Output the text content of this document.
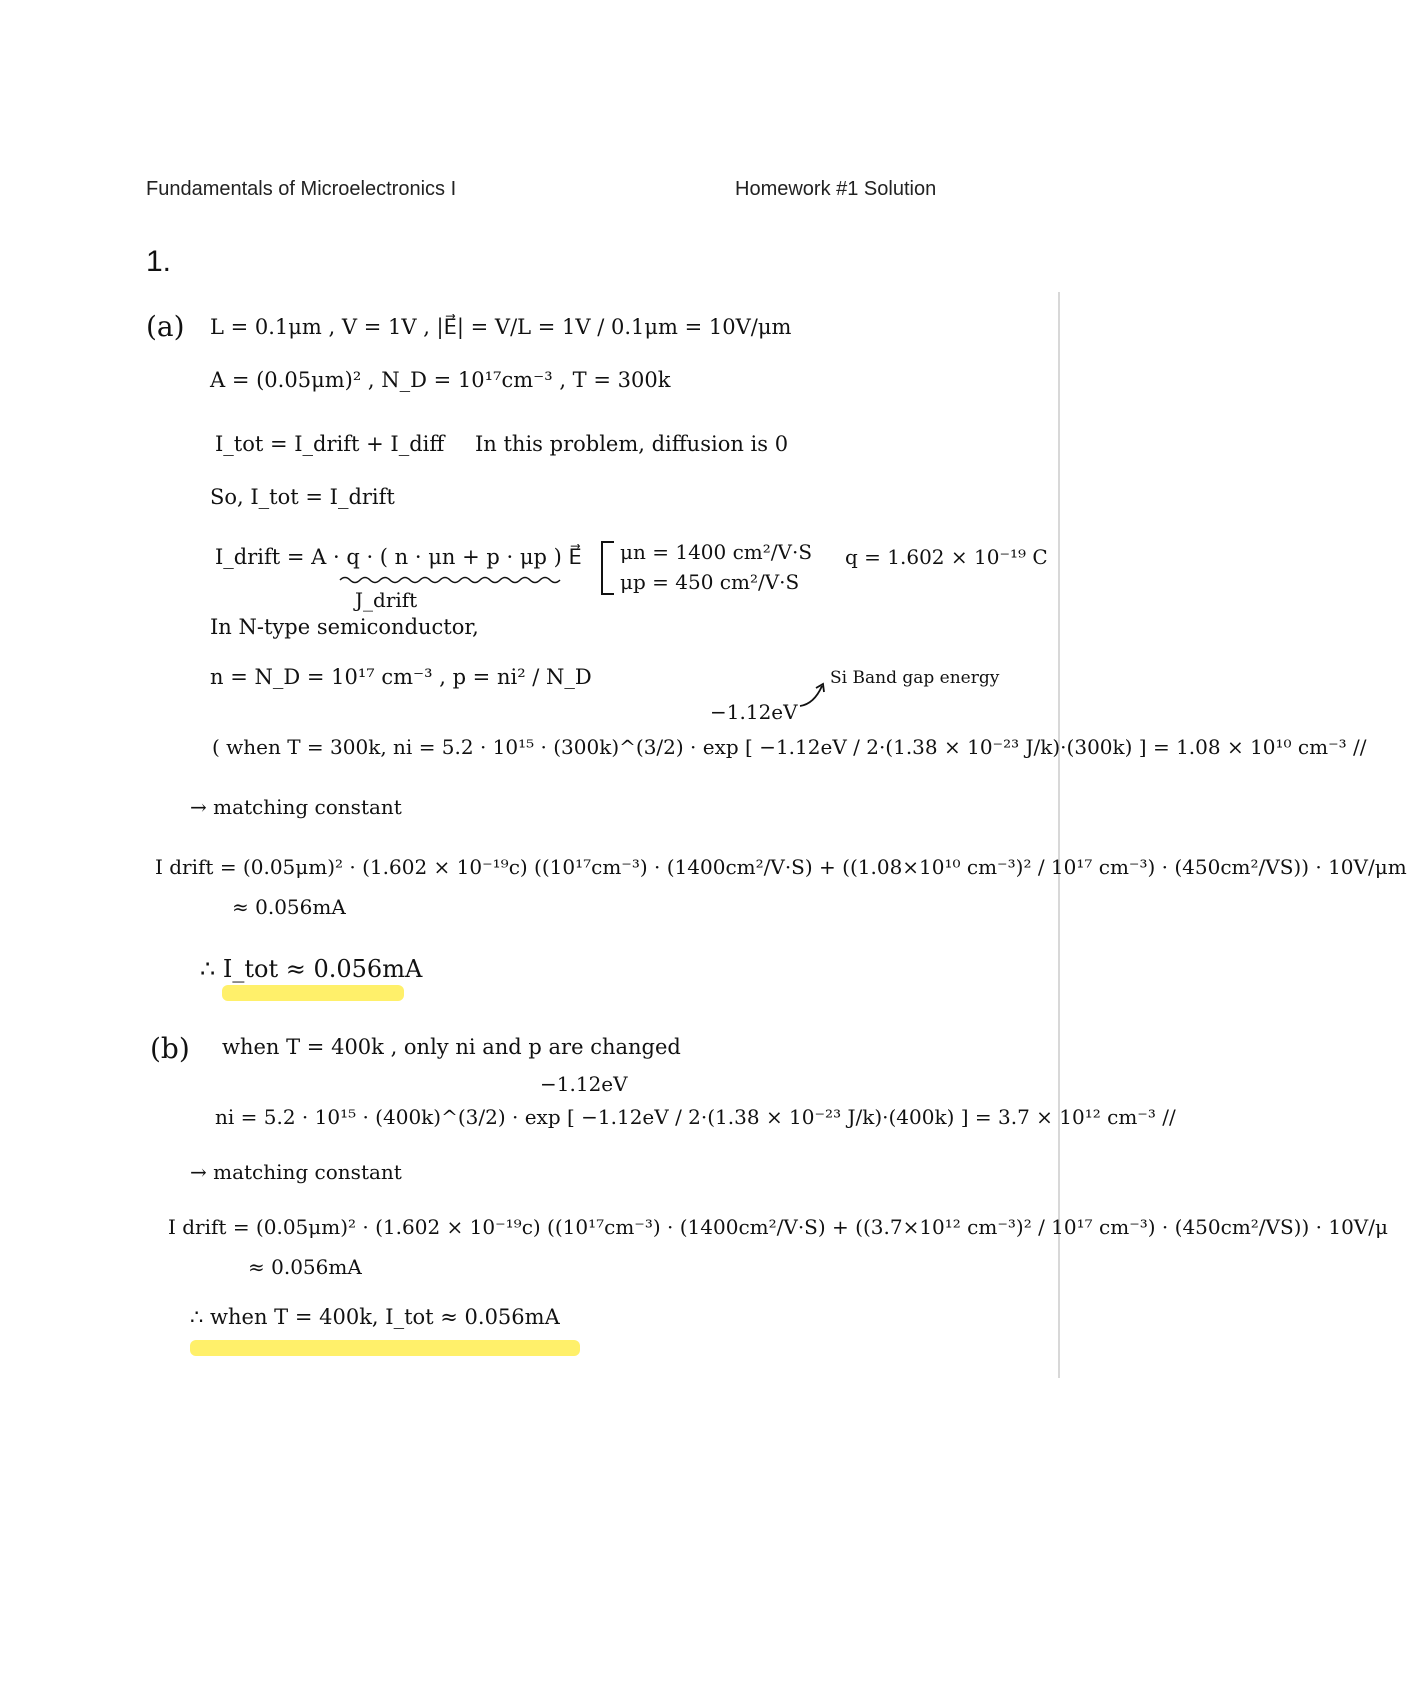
Fundamentals of Microelectronics I	Homework #1 Solution
1.
(a) L = 0.1μm , V = 1V , |E⃗| = V/L = 1V / 0.1μm = 10V/μm
A = (0.05μm)² , N_D = 10¹⁷cm⁻³ , T = 300k
I_tot = I_drift + I_diff In this problem, diffusion is 0
So, I_tot = I_drift
I_drift = A · q · ( n · μn + p · μp ) E⃗
J_drift
μn = 1400 cm²/V·S
μp = 450 cm²/V·S
q = 1.602 × 10⁻¹⁹ C
In N-type semiconductor,
n = N_D = 10¹⁷ cm⁻³ , p = ni² / N_D	Si Band gap energy
−1.12eV
( when T = 300k, ni = 5.2 · 10¹⁵ · (300k)^(3/2) · exp [ −1.12eV / 2·(1.38 × 10⁻²³ J/k)·(300k) ] = 1.08 × 10¹⁰ cm⁻³ //
→ matching constant
I drift = (0.05μm)² · (1.602 × 10⁻¹⁹c) ((10¹⁷cm⁻³) · (1400cm²/V·S) + ((1.08×10¹⁰ cm⁻³)² / 10¹⁷ cm⁻³) · (450cm²/VS)) · 10V/μm
≈ 0.056mA
∴ I_tot ≈ 0.056mA
(b) when T = 400k , only ni and p are changed
−1.12eV
ni = 5.2 · 10¹⁵ · (400k)^(3/2) · exp [ −1.12eV / 2·(1.38 × 10⁻²³ J/k)·(400k) ] = 3.7 × 10¹² cm⁻³ //
→ matching constant
I drift = (0.05μm)² · (1.602 × 10⁻¹⁹c) ((10¹⁷cm⁻³) · (1400cm²/V·S) + ((3.7×10¹² cm⁻³)² / 10¹⁷ cm⁻³) · (450cm²/VS)) · 10V/μ
≈ 0.056mA
∴ when T = 400k, I_tot ≈ 0.056mA
